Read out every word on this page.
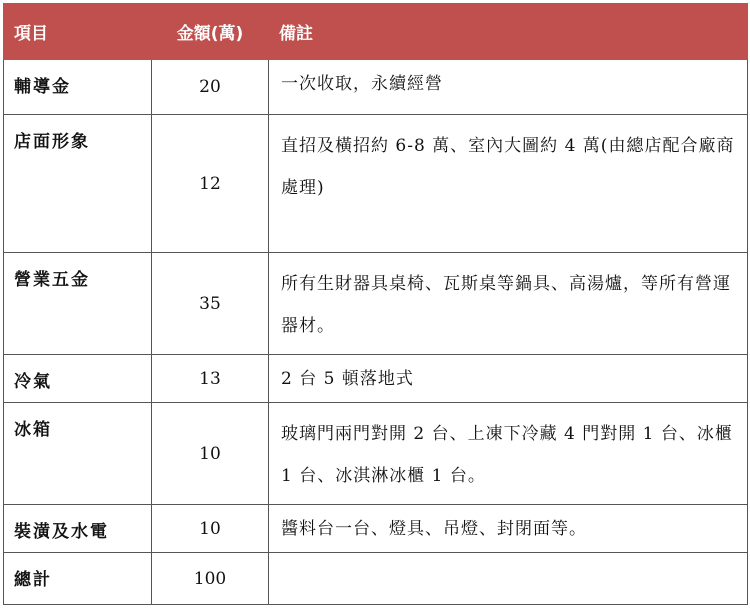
項目	金額(萬)	備註
輔導金	20	一次收取，永續經營
店面形象	12	直招及橫招約 6-8 萬、室內大圖約 4 萬(由總店配合廠商處理)
營業五金	35	所有生財器具桌椅、瓦斯桌等鍋具、高湯爐，等所有營運器材。
冷氣	13	2 台 5 頓落地式
冰箱	10	玻璃門兩門對開 2 台、上凍下冷藏 4 門對開 1 台、冰櫃 1 台、冰淇淋冰櫃 1 台。
裝潢及水電	10	醬料台一台、燈具、吊燈、封閉面等。
總計	100	
